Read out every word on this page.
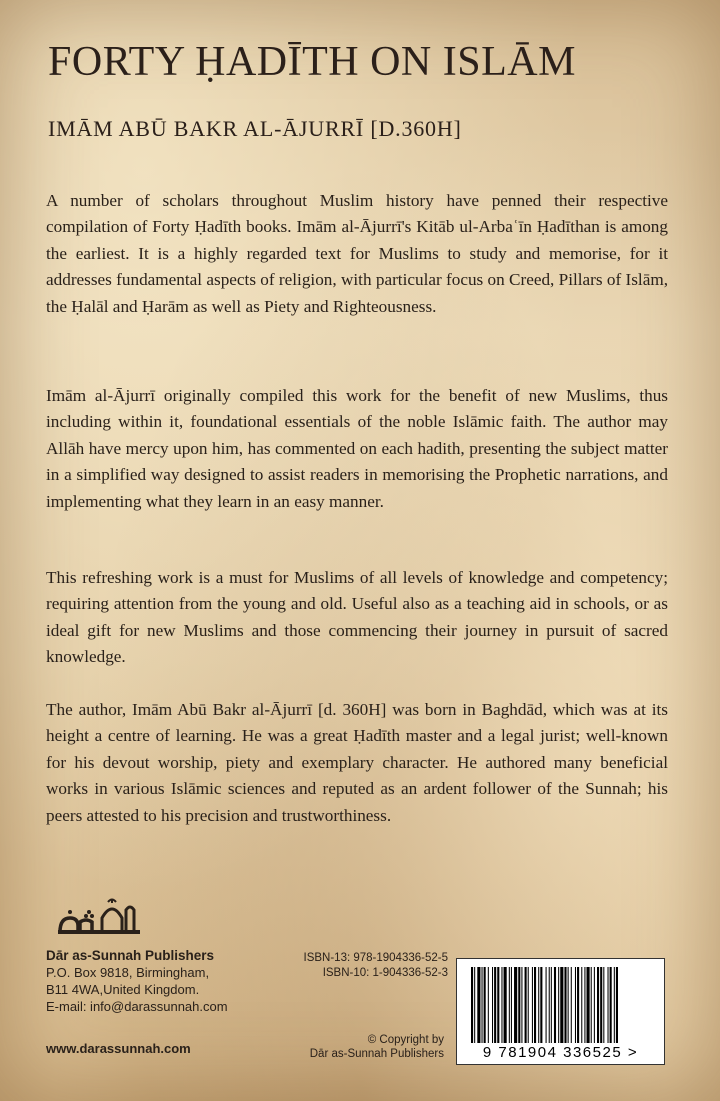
FORTY ḤADĪTH ON ISLĀM
IMĀM ABŪ BAKR AL-ĀJURRĪ [D.360H]
A number of scholars throughout Muslim history have penned their respective compilation of Forty Ḥadīth books. Imām al-Ājurrī's Kitāb ul-Arbaʿīn Ḥadīthan is among the earliest. It is a highly regarded text for Muslims to study and memorise, for it addresses fundamental aspects of religion, with particular focus on Creed, Pillars of Islām, the Ḥalāl and Ḥarām as well as Piety and Righteousness.
Imām al-Ājurrī originally compiled this work for the benefit of new Muslims, thus including within it, foundational essentials of the noble Islāmic faith. The author may Allāh have mercy upon him, has commented on each hadith, presenting the subject matter in a simplified way designed to assist readers in memorising the Prophetic narrations, and implementing what they learn in an easy manner.
This refreshing work is a must for Muslims of all levels of knowledge and competency; requiring attention from the young and old. Useful also as a teaching aid in schools, or as ideal gift for new Muslims and those commencing their journey in pursuit of sacred knowledge.
The author, Imām Abū Bakr al-Ājurrī [d. 360H] was born in Baghdād, which was at its height a centre of learning. He was a great Ḥadīth master and a legal jurist; well-known for his devout worship, piety and exemplary character. He authored many beneficial works in various Islāmic sciences and reputed as an ardent follower of the Sunnah; his peers attested to his precision and trustworthiness.
Dār as-Sunnah Publishers
P.O. Box 9818, Birmingham,
B11 4WA,United Kingdom.
E-mail: info@darassunnah.com
www.darassunnah.com
ISBN-13: 978-1904336-52-5
ISBN-10: 1-904336-52-3
© Copyright by
Dār as-Sunnah Publishers	9 781904 336525 >
